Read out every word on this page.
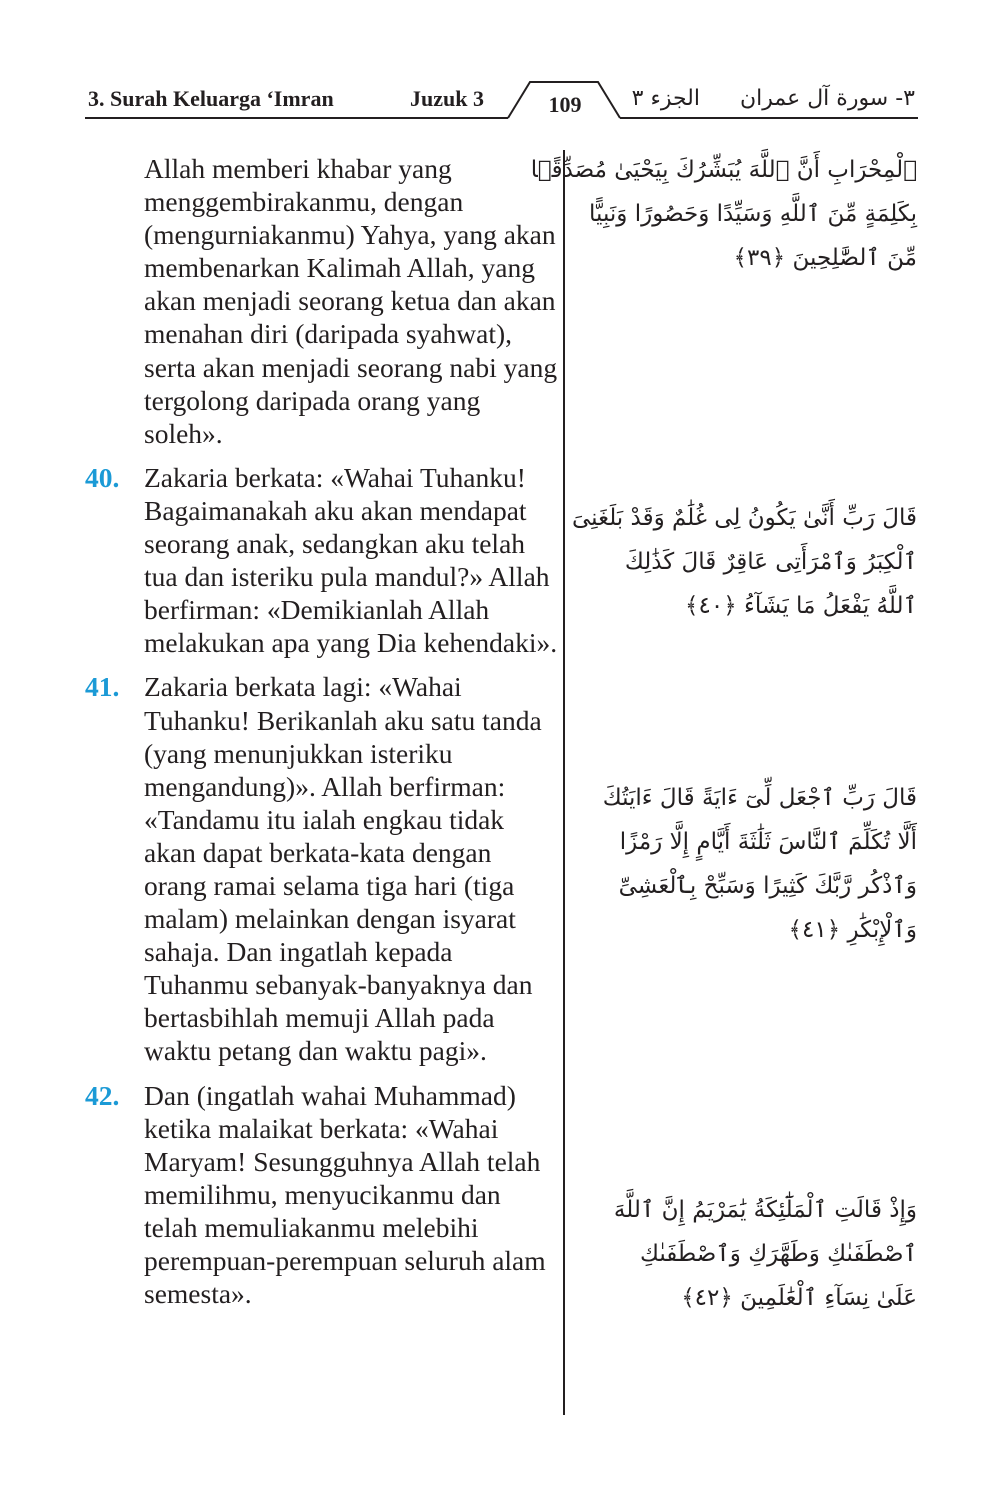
3. Surah Keluarga ‘Imran	Juzuk 3	109	الجزء ٣	٣- سورة آل عمران
Allah memberi khabar yang menggembirakanmu, dengan (mengurniakanmu) Yahya, yang akan membenarkan Kalimah Allah, yang akan menjadi seorang ketua dan akan menahan diri (daripada syahwat), serta akan menjadi seorang nabi yang tergolong daripada orang yang soleh».
40. Zakaria berkata: «Wahai Tuhanku! Bagaimanakah aku akan mendapat seorang anak, sedangkan aku telah tua dan isteriku pula mandul?» Allah berfirman: «Demikianlah Allah melakukan apa yang Dia kehendaki».
41. Zakaria berkata lagi: «Wahai Tuhanku! Berikanlah aku satu tanda (yang menunjukkan isteriku mengandung)». Allah berfirman: «Tandamu itu ialah engkau tidak akan dapat berkata-kata dengan orang ramai selama tiga hari (tiga malam) melainkan dengan isyarat sahaja. Dan ingatlah kepada Tuhanmu sebanyak-banyaknya dan bertasbihlah memuji Allah pada waktu petang dan waktu pagi».
42. Dan (ingatlah wahai Muhammad) ketika malaikat berkata: «Wahai Maryam! Sesungguhnya Allah telah memilihmu, menyucikanmu dan telah memuliakanmu melebihi perempuan-perempuan seluruh alam semesta».
ٱلْمِحْرَابِ أَنَّ ٱللَّهَ يُبَشِّرُكَ بِيَحْيَىٰ مُصَدِّقًۢا
بِكَلِمَةٍ مِّنَ ٱللَّهِ وَسَيِّدًا وَحَصُورًا وَنَبِيًّا
مِّنَ ٱلصَّٰلِحِينَ ﴿٣٩﴾
قَالَ رَبِّ أَنَّىٰ يَكُونُ لِى غُلَٰمٌ وَقَدْ بَلَغَنِىَ
ٱلْكِبَرُ وَٱمْرَأَتِى عَاقِرٌ قَالَ كَذَٰلِكَ
ٱللَّهُ يَفْعَلُ مَا يَشَآءُ ﴿٤٠﴾
قَالَ رَبِّ ٱجْعَل لِّىٓ ءَايَةً قَالَ ءَايَتُكَ
أَلَّا تُكَلِّمَ ٱلنَّاسَ ثَلَٰثَةَ أَيَّامٍ إِلَّا رَمْزًا
وَٱذْكُر رَّبَّكَ كَثِيرًا وَسَبِّحْ بِٱلْعَشِىِّ
وَٱلْإِبْكَٰرِ ﴿٤١﴾
وَإِذْ قَالَتِ ٱلْمَلَٰٓئِكَةُ يَٰمَرْيَمُ إِنَّ ٱللَّهَ
ٱصْطَفَىٰكِ وَطَهَّرَكِ وَٱصْطَفَىٰكِ
عَلَىٰ نِسَآءِ ٱلْعَٰلَمِينَ ﴿٤٢﴾
